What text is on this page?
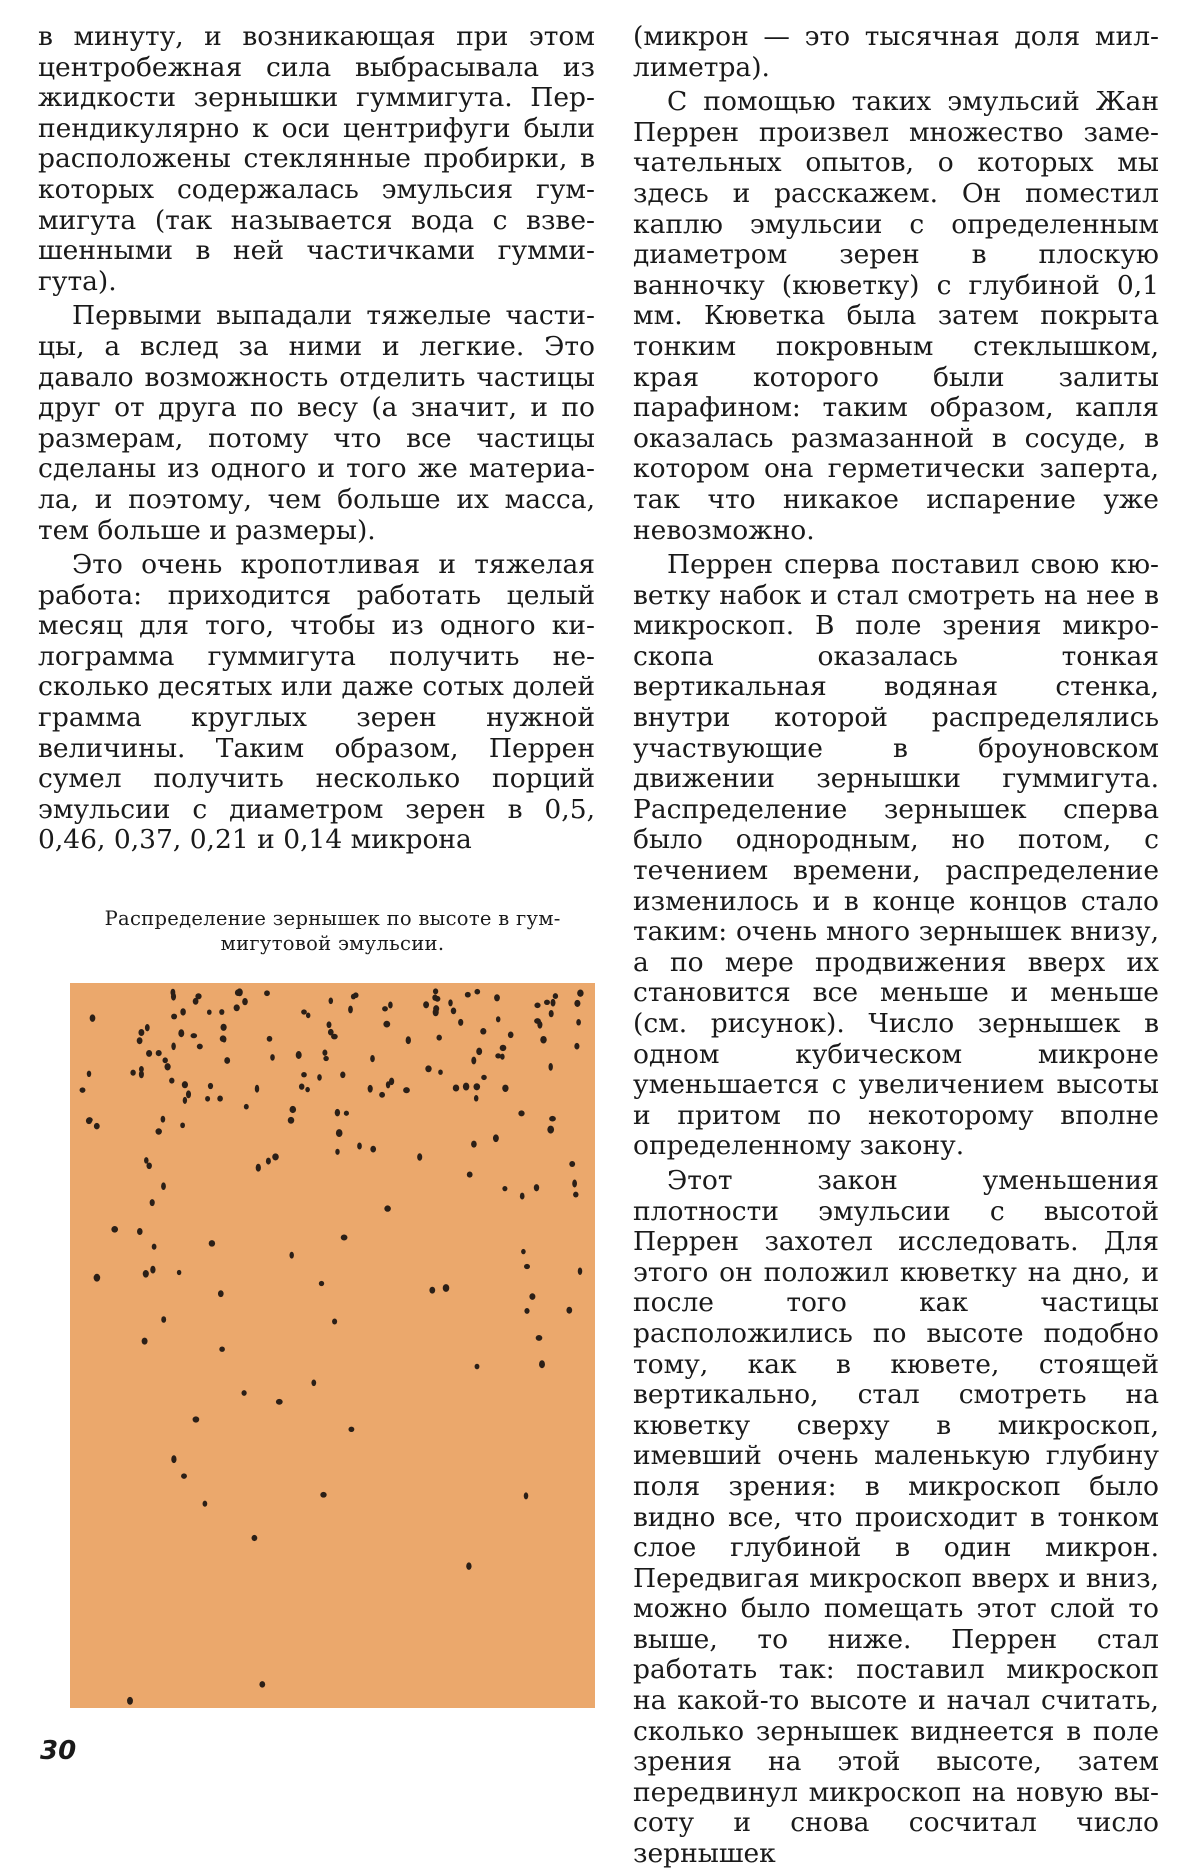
в минуту, и возникающая при этом центробежная сила выбрасывала из жидкости зернышки гуммигута. Перпендикулярно к оси центрифуги были расположены стеклянные пробирки, в которых содержалась эмульсия гуммигута (так называется вода с взвешенными в ней частичками гуммигута).

Первыми выпадали тяжелые частицы, а вслед за ними и легкие. Это давало возможность отделить частицы друг от друга по весу (а значит, и по размерам, потому что все частицы сделаны из одного и того же материала, и поэтому, чем больше их масса, тем больше и размеры).

Это очень кропотливая и тяжелая работа: приходится работать целый месяц для того, чтобы из одного килограмма гуммигута получить несколько десятых или даже сотых долей грамма круглых зерен нужной величины. Таким образом, Перрен сумел получить несколько порций эмульсии с диаметром зерен в 0,5, 0,46, 0,37, 0,21 и 0,14 микрона

Распределение зернышек по высоте в гуммигутовой эмульсии.

(микрон — это тысячная доля миллиметра).

С помощью таких эмульсий Жан Перрен произвел множество замечательных опытов, о которых мы здесь и расскажем. Он поместил каплю эмульсии с определенным диаметром зерен в плоскую ванночку (кюветку) с глубиной 0,1 мм. Кюветка была затем покрыта тонким покровным стеклышком, края которого были залиты парафином: таким образом, капля оказалась размазанной в сосуде, в котором она герметически заперта, так что никакое испарение уже невозможно.

Перрен сперва поставил свою кюветку набок и стал смотреть на нее в микроскоп. В поле зрения микроскопа оказалась тонкая вертикальная водяная стенка, внутри которой распределялись участвующие в броуновском движении зернышки гуммигута. Распределение зернышек сперва было однородным, но потом, с течением времени, распределение изменилось и в конце концов стало таким: очень много зернышек внизу, а по мере продвижения вверх их становится все меньше и меньше (см. рисунок). Число зернышек в одном кубическом микроне уменьшается с увеличением высоты и притом по некоторому вполне определенному закону.

Этот закон уменьшения плотности эмульсии с высотой Перрен захотел исследовать. Для этого он положил кюветку на дно, и после того как частицы расположились по высоте подобно тому, как в кювете, стоящей вертикально, стал смотреть на кюветку сверху в микроскоп, имевший очень маленькую глубину поля зрения: в микроскоп было видно все, что происходит в тонком слое глубиной в один микрон. Передвигая микроскоп вверх и вниз, можно было помещать этот слой то выше, то ниже. Перрен стал работать так: поставил микроскоп на какой-то высоте и начал считать, сколько зернышек виднеется в поле зрения на этой высоте, затем передвинул микроскоп на новую высоту и снова сосчитал число зернышек

30
